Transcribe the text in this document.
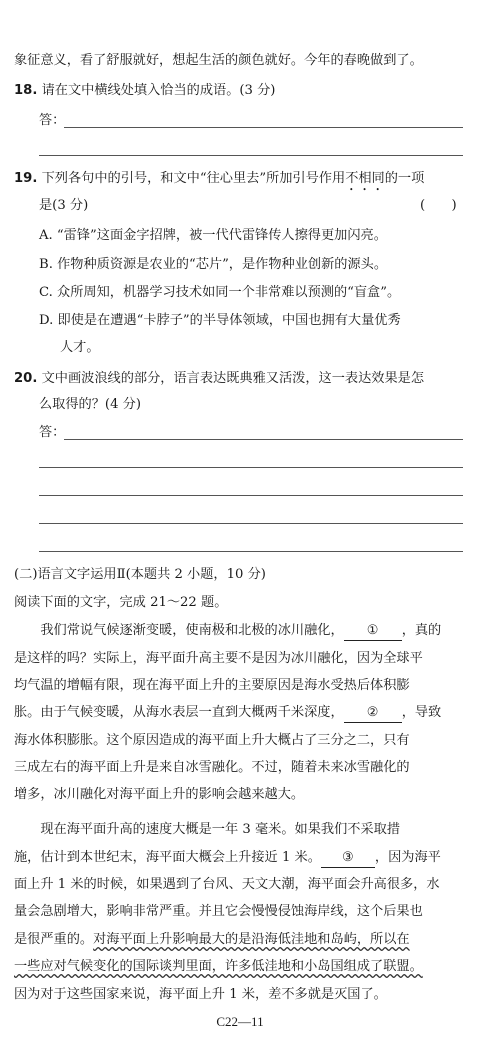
象征意义，看了舒服就好，想起生活的颜色就好。今年的春晚做到了。
18. 请在文中横线处填入恰当的成语。(3 分)
答：
19. 下列各句中的引号，和文中“往心里去”所加引号作用不相同的一项
是(3 分)	(　　)
A. “雷锋”这面金字招牌，被一代代雷锋传人擦得更加闪亮。
B. 作物种质资源是农业的“芯片”，是作物种业创新的源头。
C. 众所周知，机器学习技术如同一个非常难以预测的“盲盒”。
D. 即使是在遭遇“卡脖子”的半导体领域，中国也拥有大量优秀
人才。
20. 文中画波浪线的部分，语言表达既典雅又活泼，这一表达效果是怎
么取得的？(4 分)
答：
(二)语言文字运用Ⅱ(本题共 2 小题，10 分)
阅读下面的文字，完成 21～22 题。
　　我们常说气候逐渐变暖，使南极和北极的冰川融化， ① ，真的
是这样的吗？实际上，海平面升高主要不是因为冰川融化，因为全球平
均气温的增幅有限，现在海平面上升的主要原因是海水受热后体积膨
胀。由于气候变暖，从海水表层一直到大概两千米深度， ② ，导致
海水体积膨胀。这个原因造成的海平面上升大概占了三分之二，只有
三成左右的海平面上升是来自冰雪融化。不过，随着未来冰雪融化的
增多，冰川融化对海平面上升的影响会越来越大。
　　现在海平面升高的速度大概是一年 3 毫米。如果我们不采取措
施，估计到本世纪末，海平面大概会上升接近 1 米。 ③ ，因为海平
面上升 1 米的时候，如果遇到了台风、天文大潮，海平面会升高很多，水
量会急剧增大，影响非常严重。并且它会慢慢侵蚀海岸线，这个后果也
是很严重的。对海平面上升影响最大的是沿海低洼地和岛屿，所以在
一些应对气候变化的国际谈判里面，许多低洼地和小岛国组成了联盟。
因为对于这些国家来说，海平面上升 1 米，差不多就是灭国了。
C22—11
